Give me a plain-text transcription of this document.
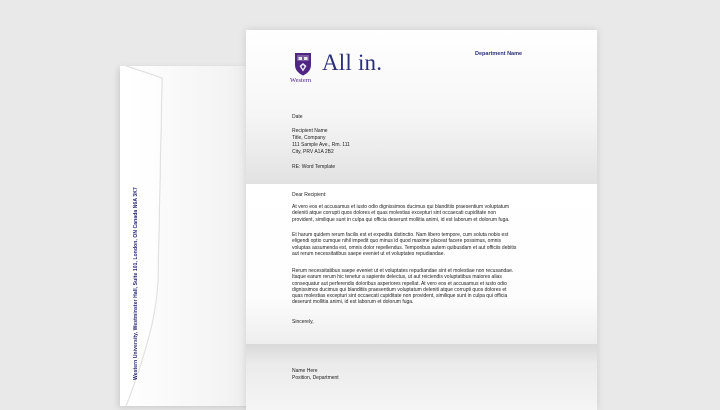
Western University, Westminster Hall, Suite 101, London, ON Canada N6A 3K7
Western
All in.	Department Name
Date
Recipient Name
Title, Company
111 Sample Ave., Rm. 111
City, PRV A1A 2B2
RE: Word Template
Dear Recipient:
At vero eos et accusamus et iusto odio dignissimos ducimus qui blanditiis praesentium voluptatum
deleniti atque corrupti quos dolores et quas molestias excepturi sint occaecati cupiditate non
provident, similique sunt in culpa qui officia deserunt mollitia animi, id est laborum et dolorum fuga.
Et harum quidem rerum facilis est et expedita distinctio. Nam libero tempore, cum soluta nobis est
eligendi optio cumque nihil impedit quo minus id quod maxime placeat facere possimus, omnis
voluptas assumenda est, omnis dolor repellendus. Temporibus autem quibusdam et aut officiis debitis
aut rerum necessitatibus saepe eveniet ut et voluptates repudiandae.
Rerum necessitatibus saepe eveniet ut et voluptates repudiandae sint et molestiae non recusandae.
Itaque earum rerum hic tenetur a sapiente delectus, ut aut reiciendis voluptatibus maiores alias
consequatur aut perferendis doloribus asperiores repellat. At vero eos et accusamus et iusto odio
dignissimos ducimus qui blanditiis praesentium voluptatum deleniti atque corrupti quos dolores et
quas molestias excepturi sint occaecati cupiditate non provident, similique sunt in culpa qui officia
deserunt mollitia animi, id est laborum et dolorum fuga.
Sincerely,
Name Here
Position, Department
